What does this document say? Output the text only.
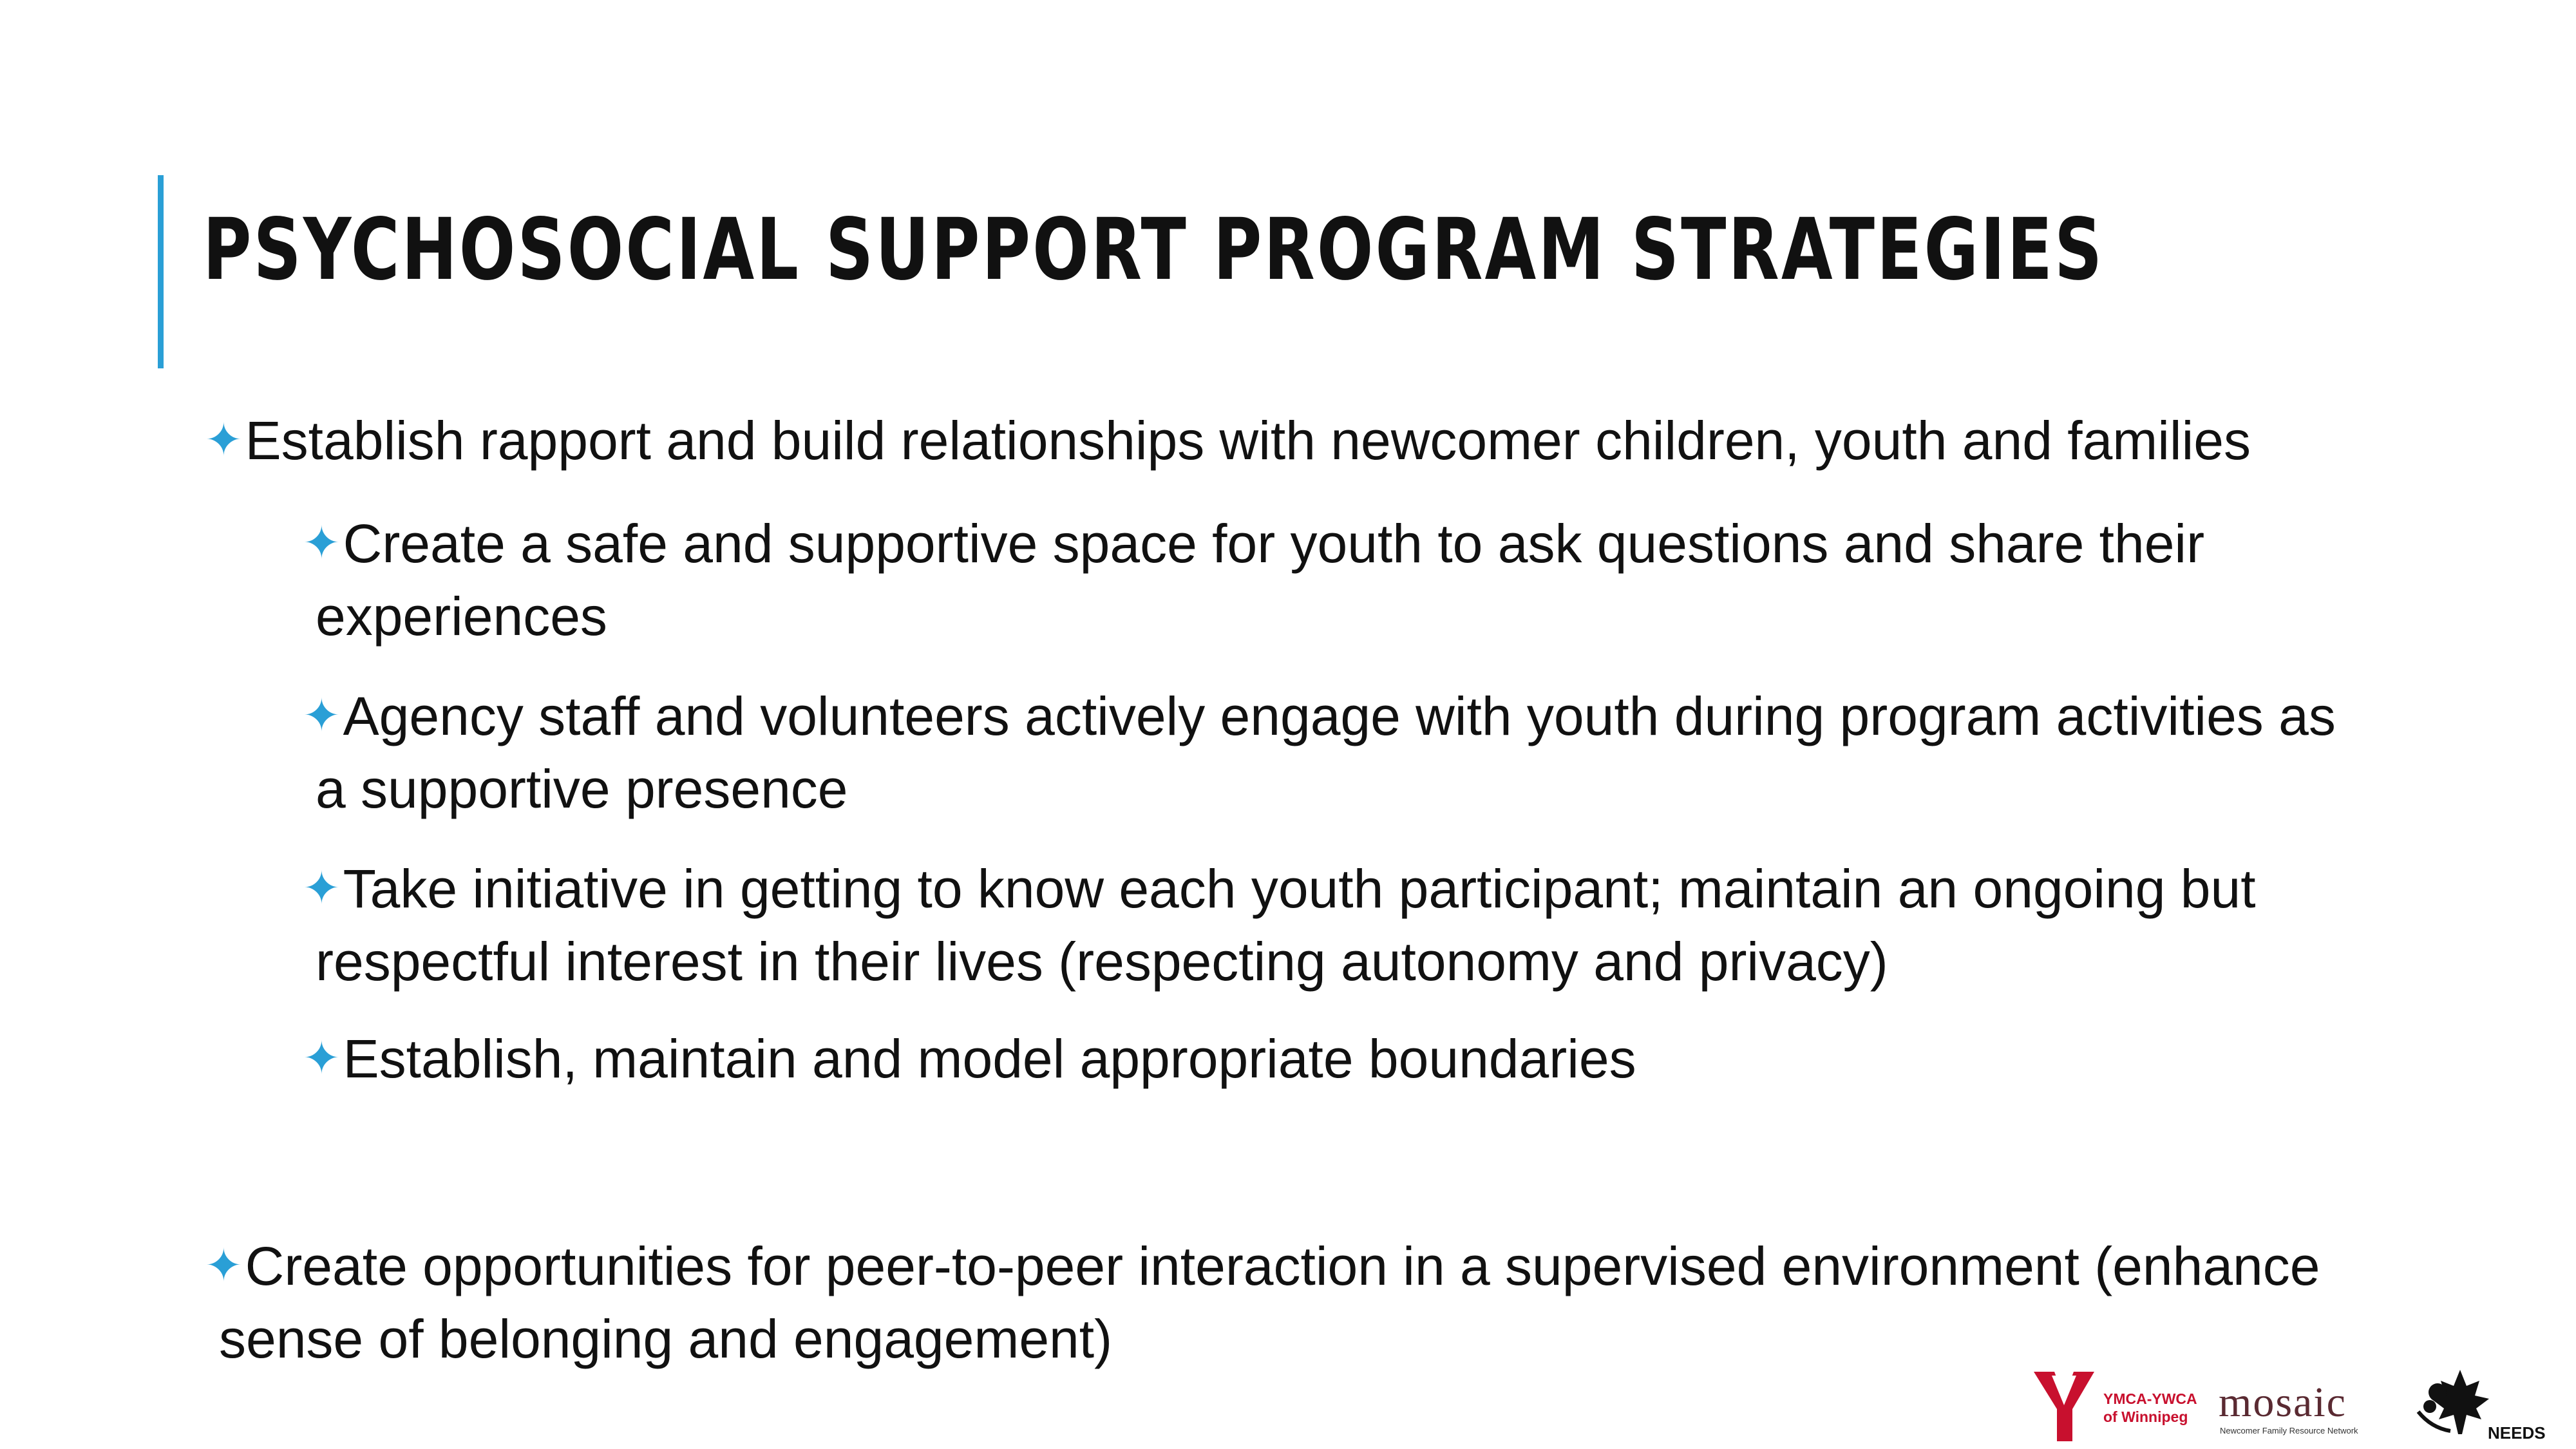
PSYCHOSOCIAL SUPPORT PROGRAM STRATEGIES
✦Establish rapport and build relationships with newcomer children, youth and families
✦Create a safe and supportive space for youth to ask questions and share their
experiences
✦Agency staff and volunteers actively engage with youth during program activities as
a supportive presence
✦Take initiative in getting to know each youth participant; maintain an ongoing but
respectful interest in their lives (respecting autonomy and privacy)
✦Establish, maintain and model appropriate boundaries
✦Create opportunities for peer-to-peer interaction in a supervised environment (enhance
sense of belonging and engagement)
YMCA-YWCA
of Winnipeg mosaic
Newcomer Family Resource Network	NEEDS
